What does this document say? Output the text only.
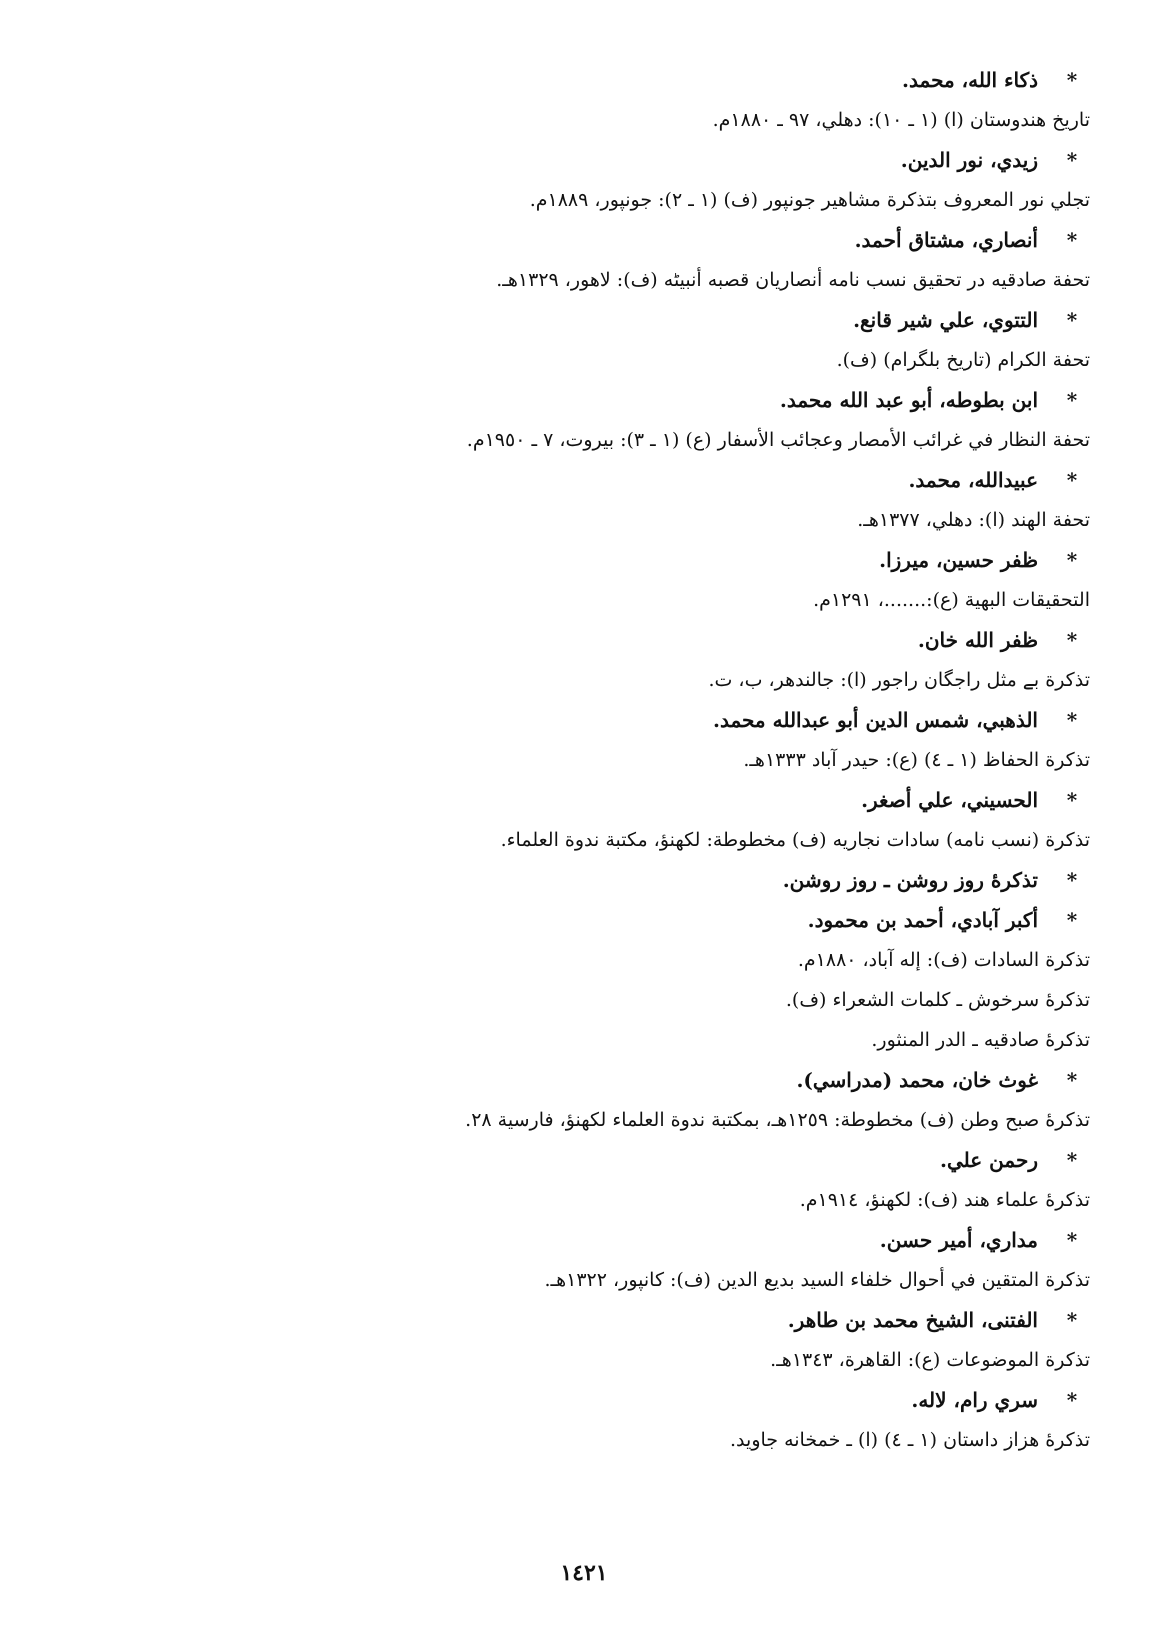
*
ذكاء الله، محمد.
تاريخ هندوستان (ا) (١ ـ ١٠): دهلي، ٩٧ ـ ١٨٨٠م.
*
زيدي، نور الدين.
تجلي نور المعروف بتذكرة مشاهير جونپور (ف) (١ ـ ٢): جونپور، ١٨٨٩م.
*
أنصاري، مشتاق أحمد.
تحفة صادقيه در تحقيق نسب نامه أنصاريان قصبه أنبيٹه (ف): لاهور، ١٣٢٩هـ.
*
التتوي، علي شير قانع.
تحفة الكرام (تاريخ بلگرام) (ف).
*
ابن بطوطه، أبو عبد الله محمد.
تحفة النظار في غرائب الأمصار وعجائب الأسفار (ع) (١ ـ ٣): بيروت، ٧ ـ ١٩٥٠م.
*
عبيدالله، محمد.
تحفة الهند (ا): دهلي، ١٣٧٧هـ.
*
ظفر حسين، ميرزا.
التحقيقات البهية (ع):.......، ١٢٩١م.
*
ظفر الله خان.
تذكرة بے مثل راجگان راجور (ا): جالندهر، ب، ت.
*
الذهبي، شمس الدين أبو عبدالله محمد.
تذكرة الحفاظ (١ ـ ٤) (ع): حيدر آباد ١٣٣٣هـ.
*
الحسيني، علي أصغر.
تذكرة (نسب نامه) سادات نجاريه (ف) مخطوطة: لكهنؤ، مكتبة ندوة العلماء.
*
تذكرهٔ روز روشن ـ روز روشن.
*
أكبر آبادي، أحمد بن محمود.
تذكرة السادات (ف): إله آباد، ١٨٨٠م.
تذكرهٔ سرخوش ـ كلمات الشعراء (ف).
تذكرهٔ صادقيه ـ الدر المنثور.
*
غوث خان، محمد (مدراسي).
تذكرهٔ صبح وطن (ف) مخطوطة: ١٢٥٩هـ، بمكتبة ندوة العلماء لكهنؤ، فارسية ٢٨.
*
رحمن علي.
تذكرهٔ علماء هند (ف): لكهنؤ، ١٩١٤م.
*
مداري، أمير حسن.
تذكرة المتقين في أحوال خلفاء السيد بديع الدين (ف): كانپور، ١٣٢٢هـ.
*
الفتنى، الشيخ محمد بن طاهر.
تذكرة الموضوعات (ع): القاهرة، ١٣٤٣هـ.
*
سري رام، لاله.
تذكرهٔ هزاز داستان (١ ـ ٤) (ا) ـ خمخانه جاويد.
١٤٢١
